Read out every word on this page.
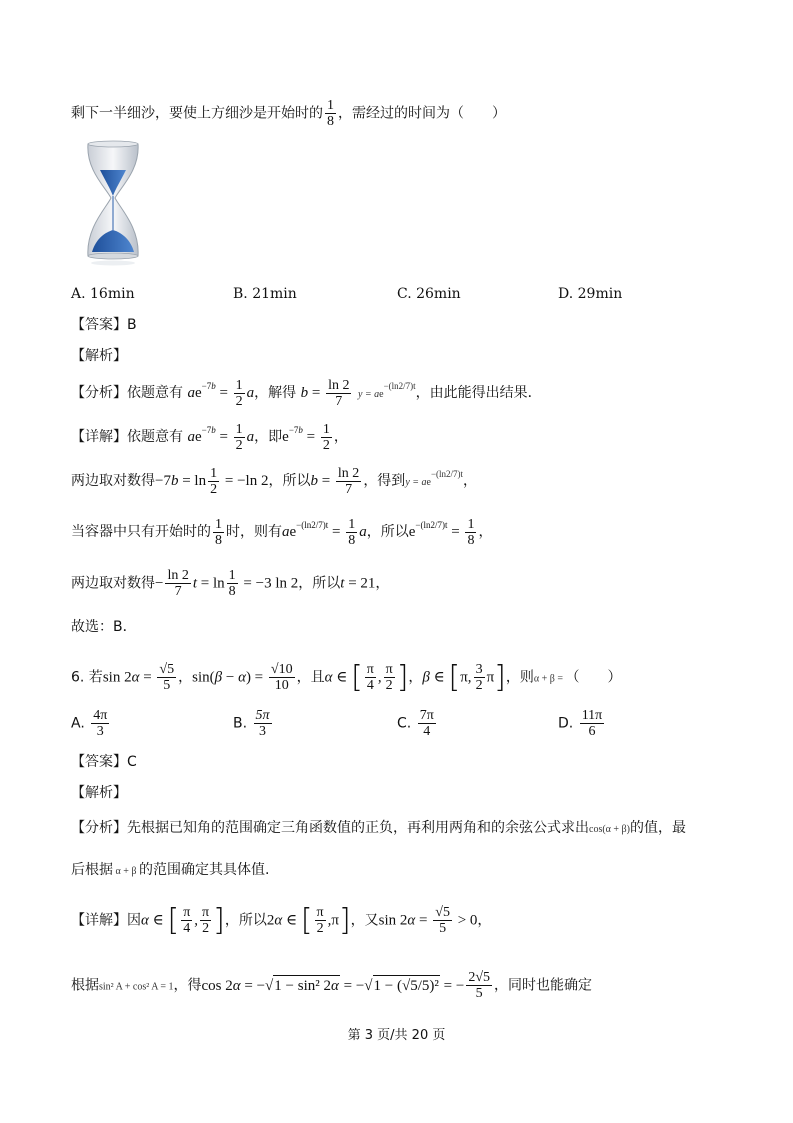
剩下一半细沙，要使上方细沙是开始时的 $\frac{1}{8}$ ，需经过的时间为（　　）
A. 16min	B. 21min	C. 26min	D. 29min
【答案】B
【解析】
【分析】依题意有 $ae^{-7b} = \frac{1}{2}$ a，解得 $b = \frac{\ln 2}{7}$ y = ae−(ln2/7)t，由此能得出结果．
【详解】依题意有 $ae^{-7b} = \frac{1}{2}$ a，即$e^{-7b} = \frac{1}{2}$ ，
两边取对数得$-7b = \ln \frac{1}{2} = -\ln$ 2，所以$b = \frac{\ln 2}{7}$ ，得到y = ae−(ln2/7)t，
当容器中只有开始时的 $\frac{1}{8}$ 时，则有$ae^{-(ln2/7)t} = \frac{1}{8}$ a，所以$e^{-(ln2/7)t} = \frac{1}{8}$ ，
两边取对数得− $\frac{\ln 2}{7}$ $t = \ln \frac{1}{8} = -3$ ln 2，所以t = 21，
故选：B．
6. 若$\sin 2\alpha = \frac{√5}{5}$ ，$\sin(\beta - \alpha) = \frac{√10}{10}$ ，且α ∈ [ $\frac{\pi}{4}$ , $\frac{\pi}{2}$ ]，β ∈ [π, $\frac{3}{2} \pi$]，则α + β = （　　）
A. $\frac{4\pi}{3}$	B. $\frac{5\pi}{3}$	C. $\frac{7\pi}{4}$	D. $\frac{11\pi}{6}$
【答案】C
【解析】
【分析】先根据已知角的范围确定三角函数值的正负，再利用两角和的余弦公式求出cos(α + β)的值，最
后根据 α + β 的范围确定其具体值.
【详解】因α ∈ [ $\frac{\pi}{4}$ , $\frac{\pi}{2}$ ]，所以2α ∈ [ $\frac{\pi}{2} ,\pi$]，又$\sin 2\alpha = \frac{√5}{5} > 0$，
根据sin² A + cos² A = 1，得cos 2α = −√1 − sin² 2α = −√1 − (√5/5)² = − $\frac{2√5}{5}$ ，同时也能确定
第 3 页/共 20 页
